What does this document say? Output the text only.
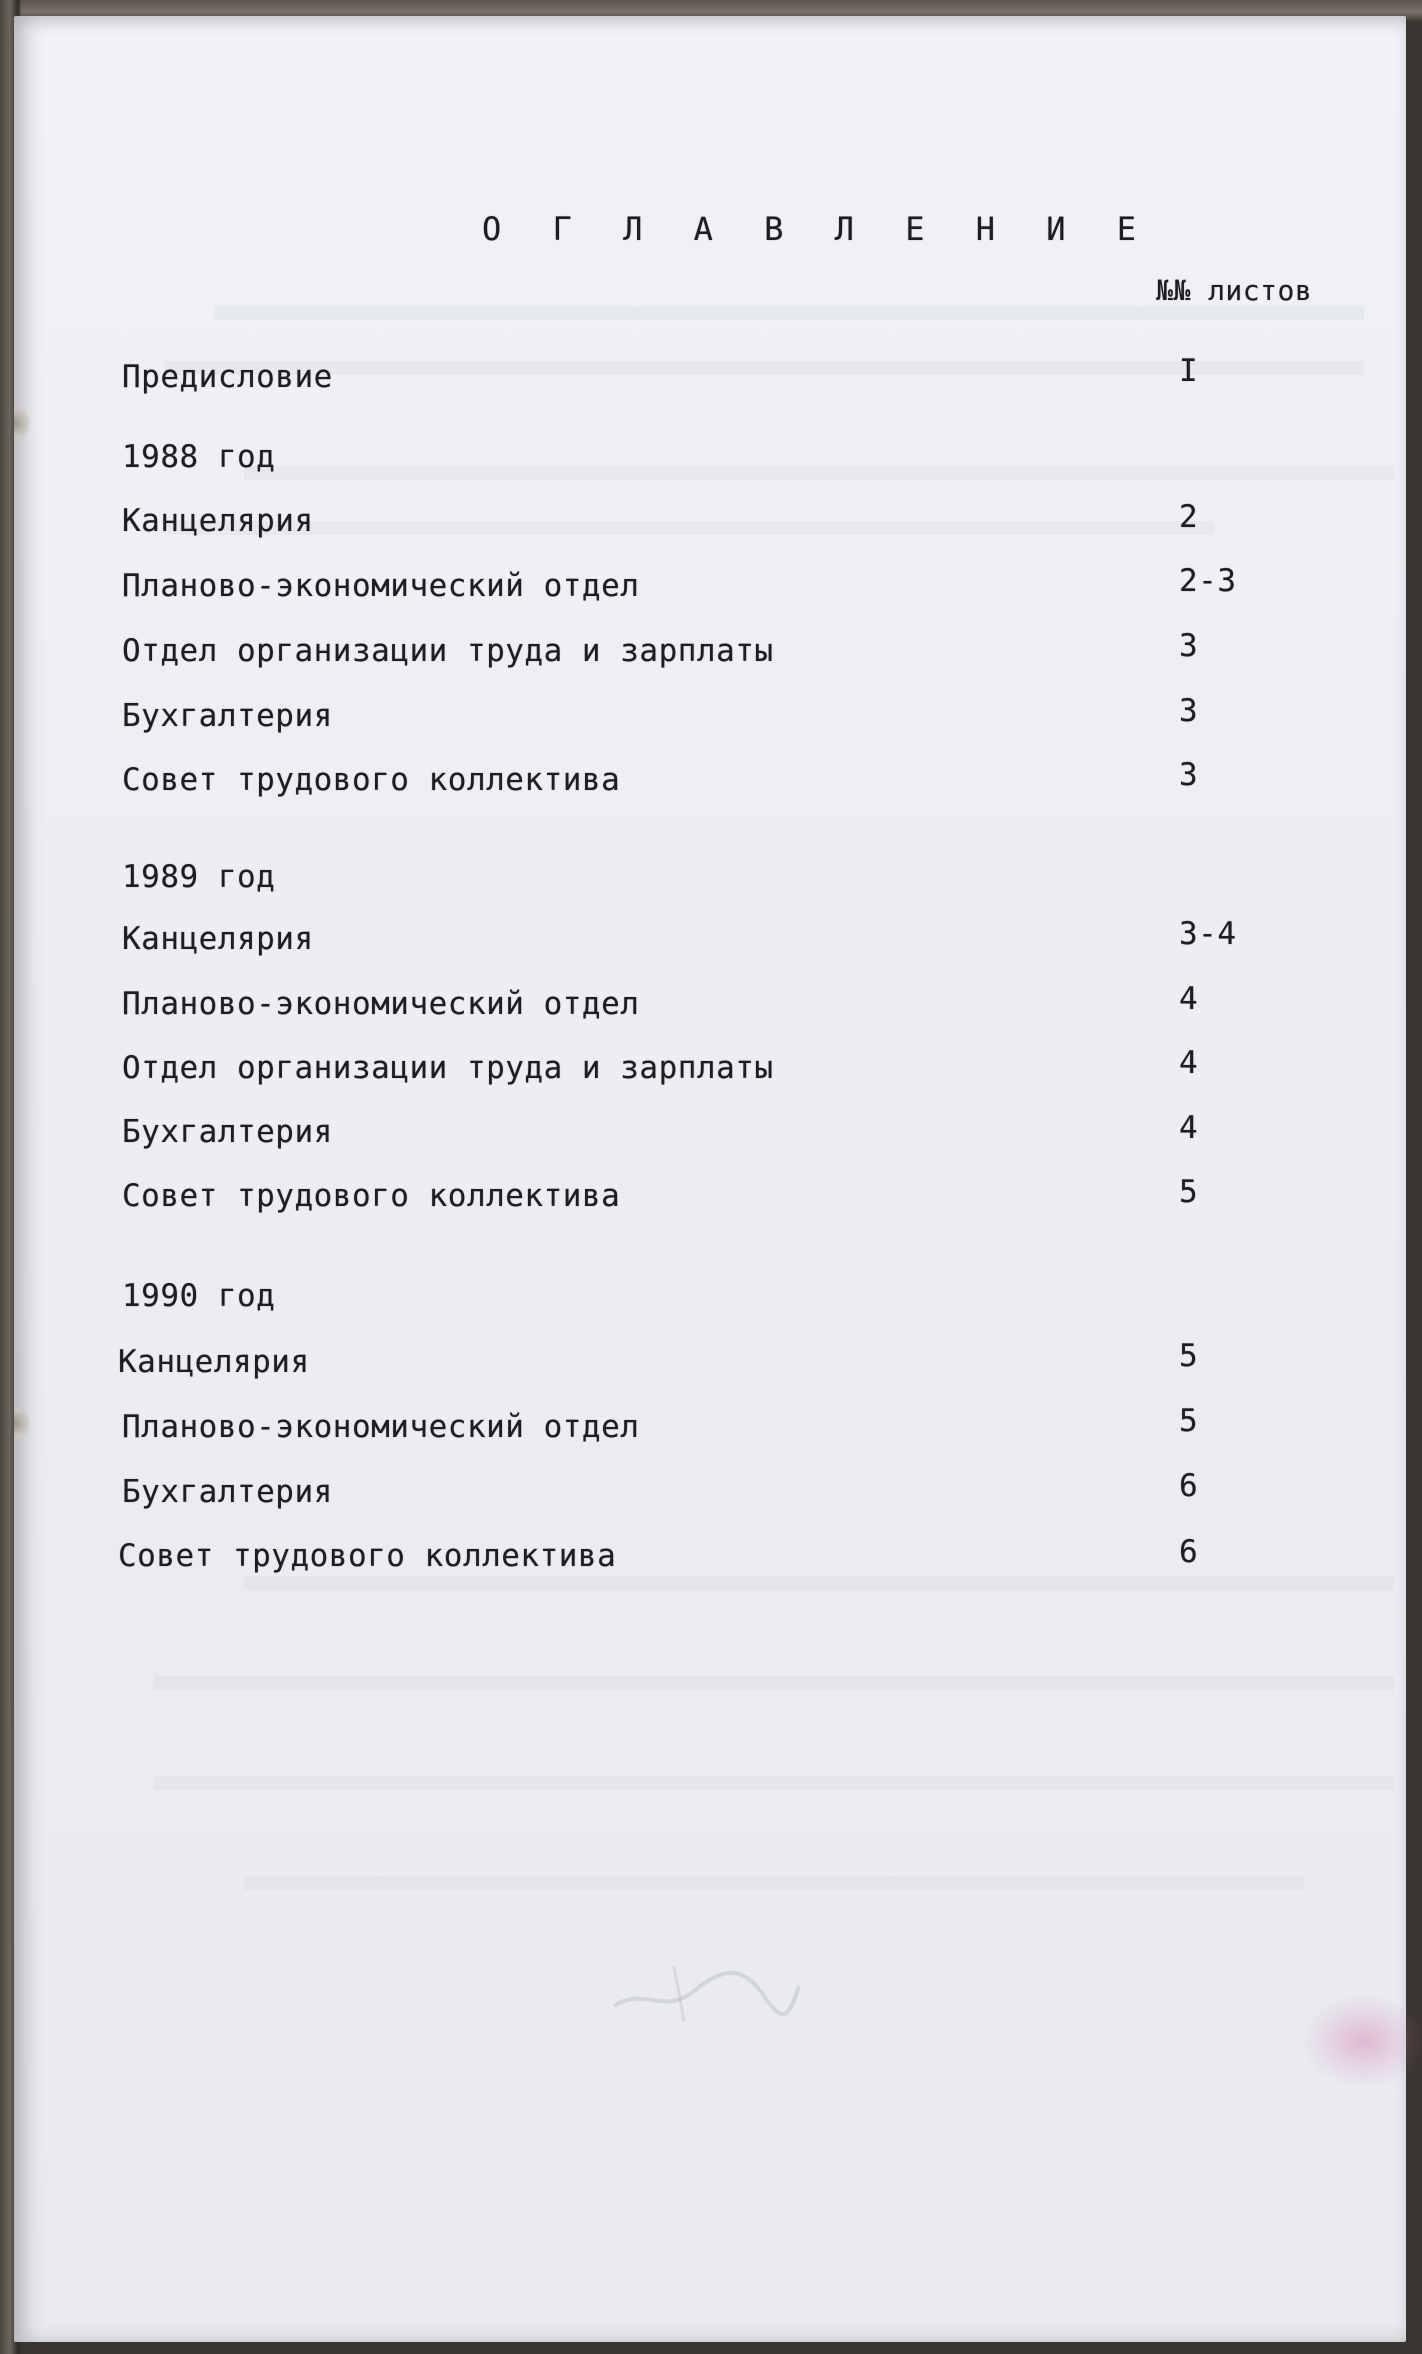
О Г Л А В Л Е Н И Е
№№ листов
Предисловие	I
1988 год
Канцелярия	2
Планово-экономический отдел	2-3
Отдел организации труда и зарплаты	3
Бухгалтерия	3
Совет трудового коллектива	3
1989 год
Канцелярия	3-4
Планово-экономический отдел	4
Отдел организации труда и зарплаты	4
Бухгалтерия	4
Совет трудового коллектива	5
1990 год
Канцелярия	5
Планово-экономический отдел	5
Бухгалтерия	6
Совет трудового коллектива	6
